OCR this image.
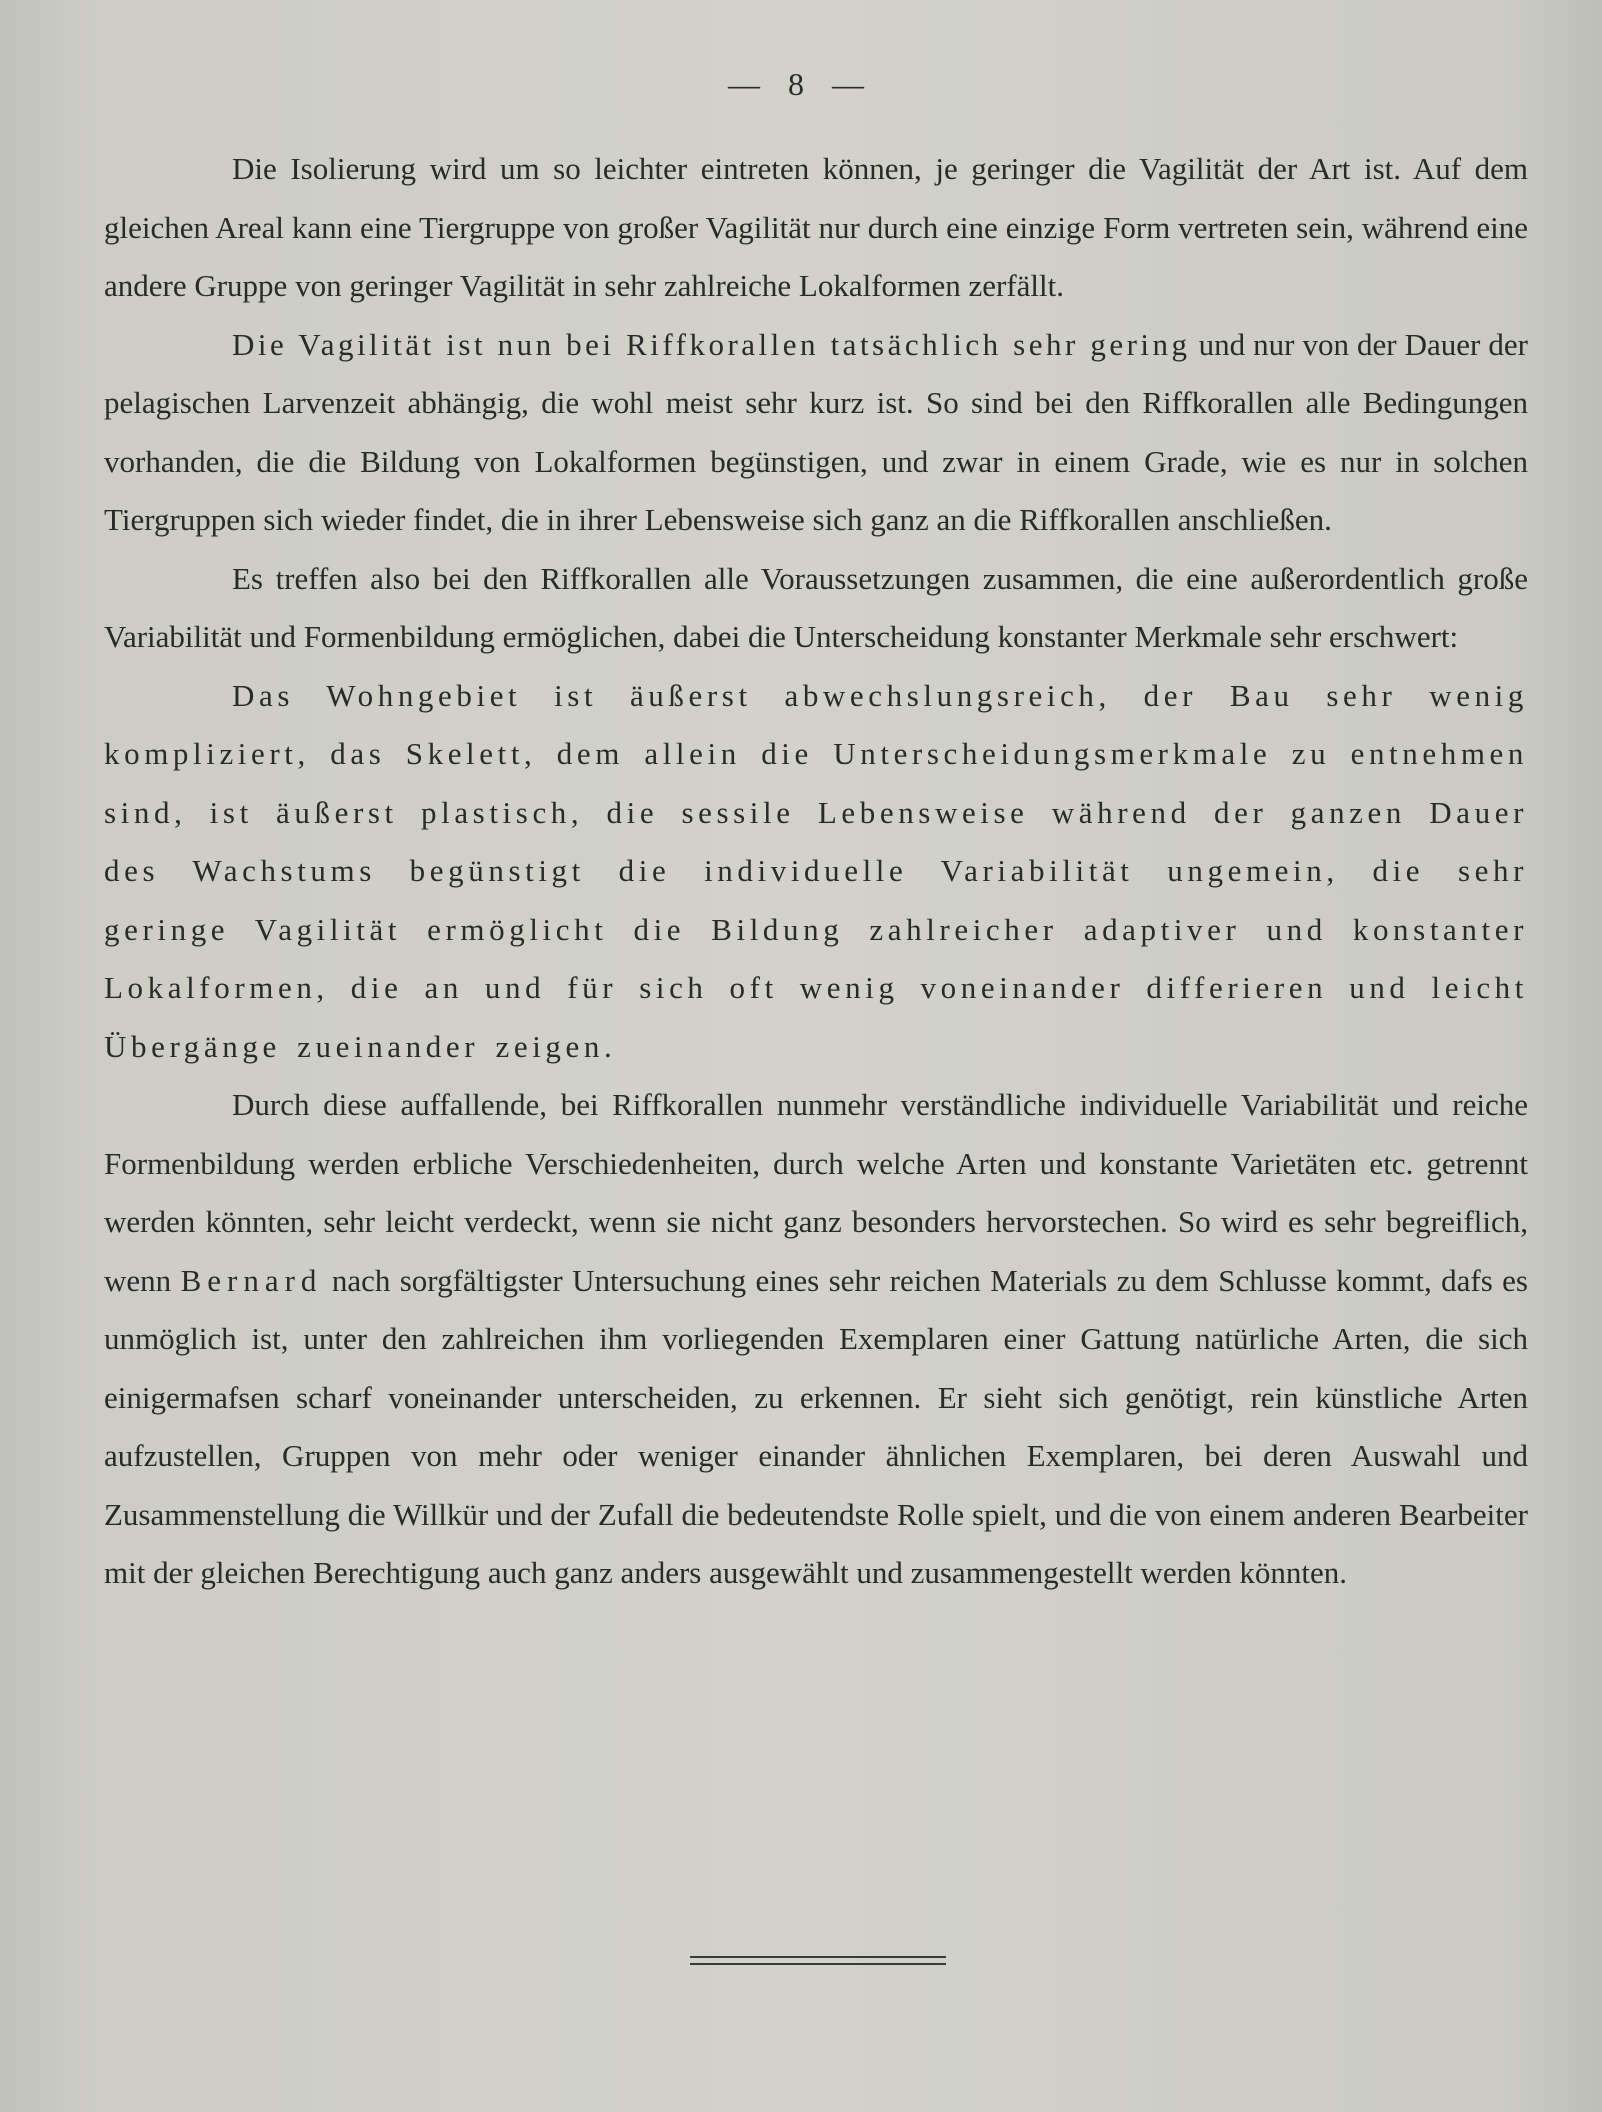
— 8 —

Die Isolierung wird um so leichter eintreten können, je geringer die Vagilität der Art ist. Auf dem gleichen Areal kann eine Tiergruppe von großer Vagilität nur durch eine einzige Form vertreten sein, während eine andere Gruppe von geringer Vagilität in sehr zahlreiche Lokalformen zerfällt.

Die Vagilität ist nun bei Riffkorallen tatsächlich sehr gering und nur von der Dauer der pelagischen Larvenzeit abhängig, die wohl meist sehr kurz ist. So sind bei den Riffkorallen alle Bedingungen vorhanden, die die Bildung von Lokalformen begünstigen, und zwar in einem Grade, wie es nur in solchen Tiergruppen sich wieder findet, die in ihrer Lebensweise sich ganz an die Riffkorallen anschließen.

Es treffen also bei den Riffkorallen alle Voraussetzungen zusammen, die eine außerordentlich große Variabilität und Formenbildung ermöglichen, dabei die Unterscheidung konstanter Merkmale sehr erschwert:

Das Wohngebiet ist äußerst abwechslungsreich, der Bau sehr wenig kompliziert, das Skelett, dem allein die Unterscheidungsmerkmale zu entnehmen sind, ist äußerst plastisch, die sessile Lebensweise während der ganzen Dauer des Wachstums begünstigt die individuelle Variabilität ungemein, die sehr geringe Vagilität ermöglicht die Bildung zahlreicher adaptiver und konstanter Lokalformen, die an und für sich oft wenig voneinander differieren und leicht Übergänge zueinander zeigen.

Durch diese auffallende, bei Riffkorallen nunmehr verständliche individuelle Variabilität und reiche Formenbildung werden erbliche Verschiedenheiten, durch welche Arten und konstante Varietäten etc. getrennt werden könnten, sehr leicht verdeckt, wenn sie nicht ganz besonders hervorstechen. So wird es sehr begreiflich, wenn Bernard nach sorgfältigster Untersuchung eines sehr reichen Materials zu dem Schlusse kommt, dafs es unmöglich ist, unter den zahlreichen ihm vorliegenden Exemplaren einer Gattung natürliche Arten, die sich einigermafsen scharf voneinander unterscheiden, zu erkennen. Er sieht sich genötigt, rein künstliche Arten aufzustellen, Gruppen von mehr oder weniger einander ähnlichen Exemplaren, bei deren Auswahl und Zusammenstellung die Willkür und der Zufall die bedeutendste Rolle spielt, und die von einem anderen Bearbeiter mit der gleichen Berechtigung auch ganz anders ausgewählt und zusammengestellt werden könnten.
